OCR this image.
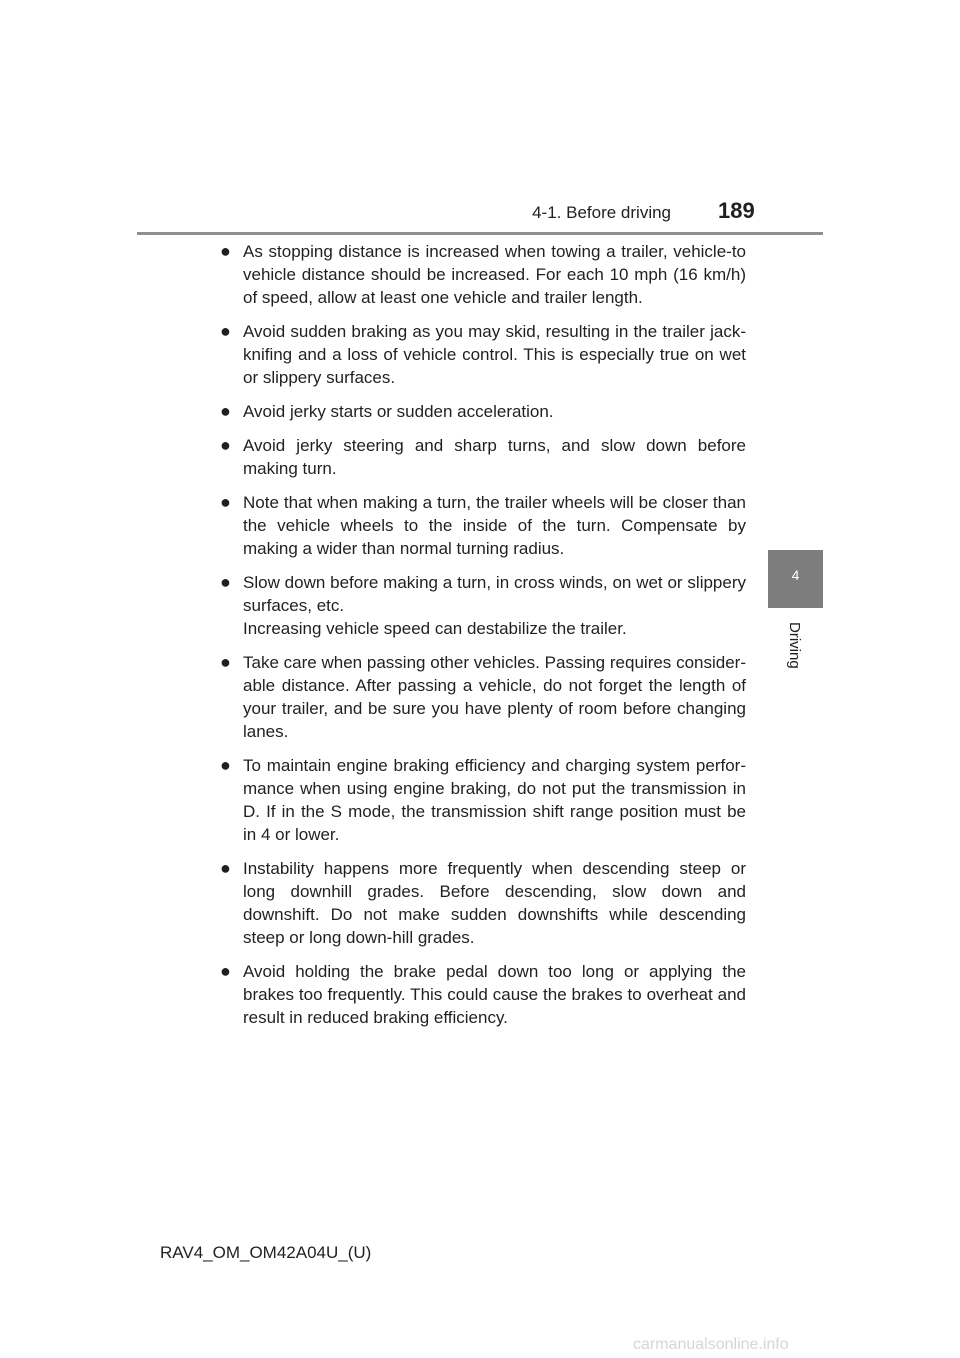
4-1. Before driving 189
4
Driving
● As stopping distance is increased when towing a trailer, vehicle-to vehicle distance should be increased. For each 10 mph (16 km/h) of speed, allow at least one vehicle and trailer length.
● Avoid sudden braking as you may skid, resulting in the trailer jack-knifing and a loss of vehicle control. This is especially true on wet or slippery surfaces.
● Avoid jerky starts or sudden acceleration.
● Avoid jerky steering and sharp turns, and slow down before making turn.
● Note that when making a turn, the trailer wheels will be closer than the vehicle wheels to the inside of the turn. Compensate by making a wider than normal turning radius.
● Slow down before making a turn, in cross winds, on wet or slippery surfaces, etc.
Increasing vehicle speed can destabilize the trailer.
● Take care when passing other vehicles. Passing requires consider-able distance. After passing a vehicle, do not forget the length of your trailer, and be sure you have plenty of room before changing lanes.
● To maintain engine braking efficiency and charging system perfor-mance when using engine braking, do not put the transmission in D. If in the S mode, the transmission shift range position must be in 4 or lower.
● Instability happens more frequently when descending steep or long downhill grades. Before descending, slow down and downshift. Do not make sudden downshifts while descending steep or long down-hill grades.
● Avoid holding the brake pedal down too long or applying the brakes too frequently. This could cause the brakes to overheat and result in reduced braking efficiency.
RAV4_OM_OM42A04U_(U)
carmanualsonline.info
